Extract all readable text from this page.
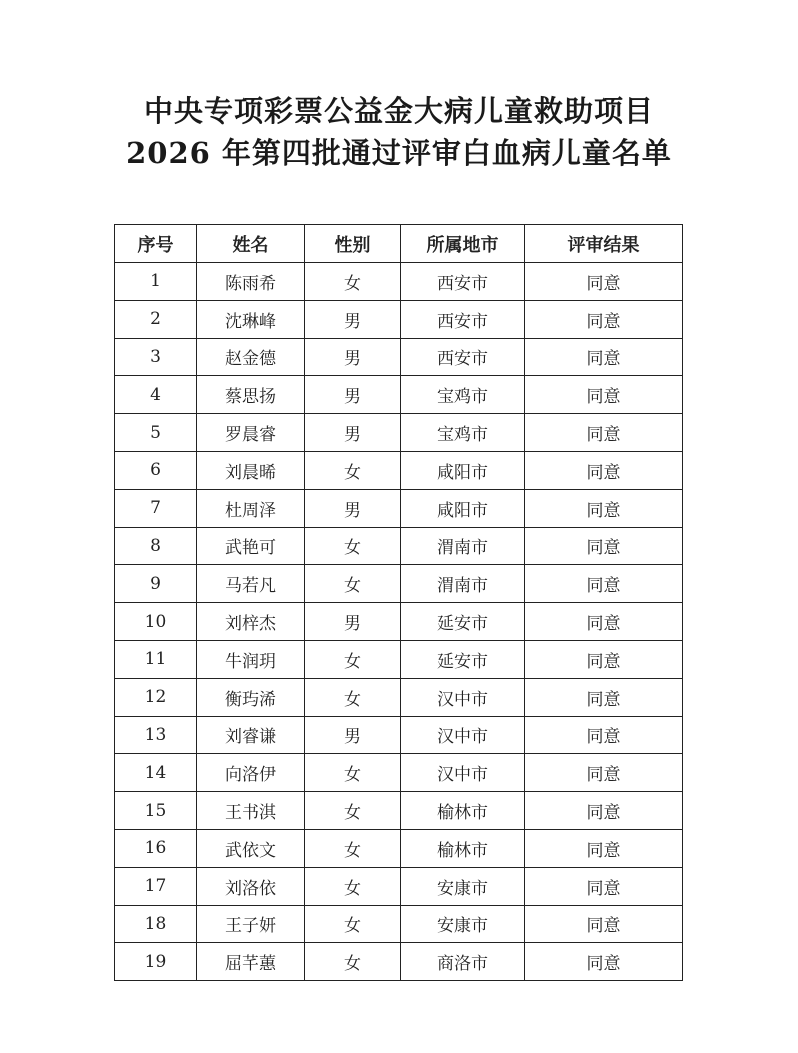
中央专项彩票公益金大病儿童救助项目
2026 年第四批通过评审白血病儿童名单
序号	姓名	性别	所属地市	评审结果
1	陈雨希	女	西安市	同意
2	沈琳峰	男	西安市	同意
3	赵金德	男	西安市	同意
4	蔡思扬	男	宝鸡市	同意
5	罗晨睿	男	宝鸡市	同意
6	刘晨晞	女	咸阳市	同意
7	杜周泽	男	咸阳市	同意
8	武艳可	女	渭南市	同意
9	马若凡	女	渭南市	同意
10	刘梓杰	男	延安市	同意
11	牛润玥	女	延安市	同意
12	衡玙浠	女	汉中市	同意
13	刘睿谦	男	汉中市	同意
14	向洛伊	女	汉中市	同意
15	王书淇	女	榆林市	同意
16	武依文	女	榆林市	同意
17	刘洛依	女	安康市	同意
18	王子妍	女	安康市	同意
19	屈芊蕙	女	商洛市	同意
